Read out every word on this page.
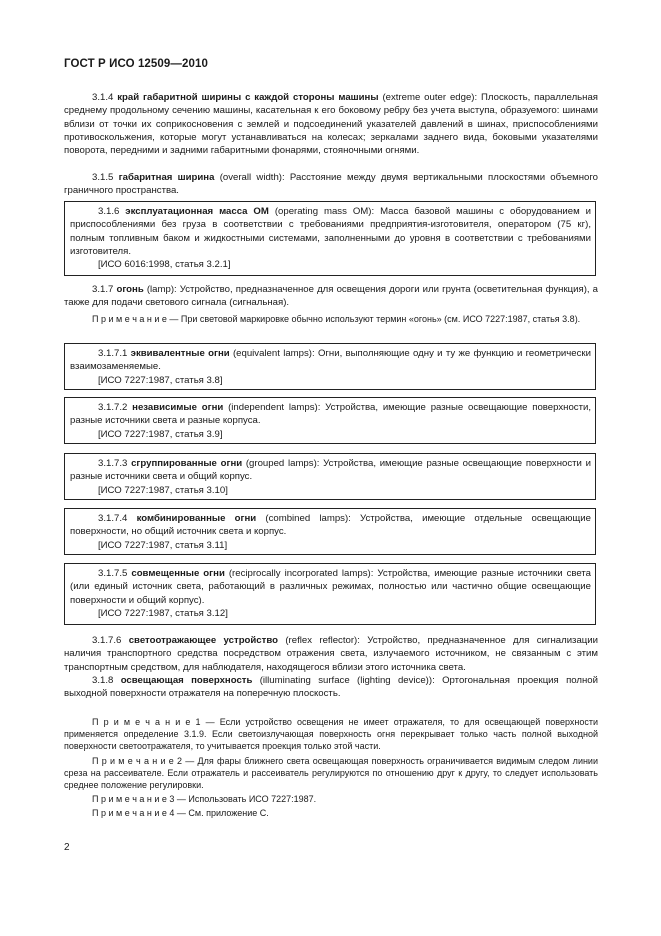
ГОСТ Р ИСО 12509—2010

3.1.4 край габаритной ширины с каждой стороны машины (extreme outer edge): Плоскость, параллельная среднему продольному сечению машины, касательная к его боковому ребру без учета выступа, образуемого: шинами вблизи от точки их соприкосновения с землей и подсоединений указателей давлений в шинах, приспособлениями противоскольжения, которые могут устанавливаться на колесах; зеркалами заднего вида, боковыми указателями поворота, передними и задними габаритными фонарями, стояночными огнями.

3.1.5 габаритная ширина (overall width): Расстояние между двумя вертикальными плоскостями объемного граничного пространства.

3.1.6 эксплуатационная масса ОМ (operating mass OM): Масса базовой машины с оборудованием и приспособлениями без груза в соответствии с требованиями предприятия-изготовителя, оператором (75 кг), полным топливным баком и жидкостными системами, заполненными до уровня в соответствии с требованиями изготовителя.

[ИСО 6016:1998, статья 3.2.1]

3.1.7 огонь (lamp): Устройство, предназначенное для освещения дороги или грунта (осветительная функция), а также для подачи светового сигнала (сигнальная).

П р и м е ч а н и е — При световой маркировке обычно используют термин «огонь» (см. ИСО 7227:1987, статья 3.8).

3.1.7.1 эквивалентные огни (equivalent lamps): Огни, выполняющие одну и ту же функцию и геометрически взаимозаменяемые.

[ИСО 7227:1987, статья 3.8]

3.1.7.2 независимые огни (independent lamps): Устройства, имеющие разные освещающие поверхности, разные источники света и разные корпуса.

[ИСО 7227:1987, статья 3.9]

3.1.7.3 сгруппированные огни (grouped lamps): Устройства, имеющие разные освещающие поверхности и разные источники света и общий корпус.

[ИСО 7227:1987, статья 3.10]

3.1.7.4 комбинированные огни (combined lamps): Устройства, имеющие отдельные освещающие поверхности, но общий источник света и корпус.

[ИСО 7227:1987, статья 3.11]

3.1.7.5 совмещенные огни (reciprocally incorporated lamps): Устройства, имеющие разные источники света (или единый источник света, работающий в различных режимах, полностью или частично общие освещающие поверхности и общий корпус).

[ИСО 7227:1987, статья 3.12]

3.1.7.6 светоотражающее устройство (reflex reflector): Устройство, предназначенное для сигнализации наличия транспортного средства посредством отражения света, излучаемого источником, не связанным с этим транспортным средством, для наблюдателя, находящегося вблизи этого источника света.

3.1.8 освещающая поверхность (illuminating surface (lighting device)): Ортогональная проекция полной выходной поверхности отражателя на поперечную плоскость.

П р и м е ч а н и е 1 — Если устройство освещения не имеет отражателя, то для освещающей поверхности применяется определение 3.1.9. Если светоизлучающая поверхность огня перекрывает только часть полной выходной поверхности светоотражателя, то учитывается проекция только этой части.

П р и м е ч а н и е 2 — Для фары ближнего света освещающая поверхность ограничивается видимым следом линии среза на рассеивателе. Если отражатель и рассеиватель регулируются по отношению друг к другу, то следует использовать среднее положение регулировки.

П р и м е ч а н и е 3 — Использовать ИСО 7227:1987.

П р и м е ч а н и е 4 — См. приложение С.

2
